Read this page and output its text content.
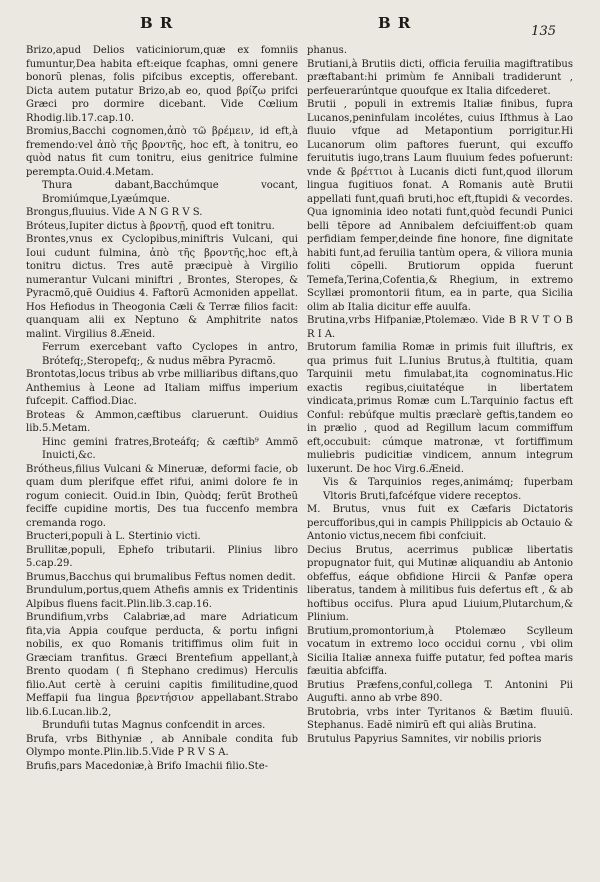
B R	B R	135

Brizo,apud Delios vaticiniorum,quæ ex fomniis fumuntur,Dea habita eft:eique fcaphas, omni genere bonorũ plenas, folis pifcibus exceptis, offerebant. Dicta autem putatur Brizo,ab eo, quod βρίζω prifci Græci pro dormire dicebant. Vide Cœlium Rhodig.lib.17.cap.10.

Bromius,Bacchi cognomen,ἀπὸ τῶ βρέμειν, id eft,à fremendo:vel ἀπὸ τῆς βροντῆς, hoc eft, à tonitru, eo quòd natus fit cum tonitru, eius genitrice fulmine perempta.Ouid.4.Metam.

Thura dabant,Bacchúmque vocant, Bromiúmque,Lyæúmque.

Brongus,fluuius. Vide A N G R V S.

Bróteus,Iupiter dictus à βροντῇ, quod eft tonitru.

Brontes,vnus ex Cyclopibus,miniftris Vulcani, qui Ioui cudunt fulmina, ἀπὸ τῆς βροντῆς,hoc eft,à tonitru dictus. Tres autẽ præcipuè à Virgilio numerantur Vulcani miniftri , Brontes, Steropes, & Pyracmõ,quẽ Ouidius 4. Faftorũ Acmoniden appellat. Hos Hefiodus in Theogonia Cæli & Terræ filios facit: quanquam alii ex Neptuno & Amphitrite natos malint. Virgilius 8.Æneid.

Ferrum exercebant vafto Cyclopes in antro, Brótefq;,Steropefq;, & nudus mẽbra Pyracmõ.

Brontotas,locus tribus ab vrbe milliaribus diftans,quo Anthemius à Leone ad Italiam miffus imperium fufcepit. Caffiod.Diac.

Broteas & Ammon,cæftibus claruerunt. Ouidius lib.5.Metam.

Hinc gemini fratres,Broteáfq; & cæftib⁹ Ammõ Inuicti,&c.

Brótheus,filius Vulcani & Mineruæ, deformi facie, ob quam dum plerifque effet rifui, animi dolore fe in rogum coniecit. Ouid.in Ibin, Quòdq; ferũt Brotheũ feciffe cupidine mortis, Des tua fuccenfo membra cremanda rogo.

Bructeri,populi à L. Stertinio victi.

Brullitæ,populi, Ephefo tributarii. Plinius libro 5.cap.29.

Brumus,Bacchus qui brumalibus Feftus nomen dedit.

Brundulum,portus,quem Athefis amnis ex Tridentinis Alpibus fluens facit.Plin.lib.3.cap.16.

Brundifium,vrbs Calabriæ,ad mare Adriaticum fita,via Appia coufque perducta, & portu infigni nobilis, ex quo Romanis tritiffimus olim fuit in Græciam tranfitus. Græci Brentefium appellant,à Brento quodam ( fi Stephano credimus) Herculis filio.Aut certè à ceruini capitis fimilitudine,quod Meffapii fua lingua βρεντήσιον appellabant.Strabo lib.6.Lucan.lib.2,

Brundufii tutas Magnus confcendit in arces.

Brufa, vrbs Bithyniæ , ab Annibale condita fub Olympo monte.Plin.lib.5.Vide P R V S A.

Brufis,pars Macedoniæ,à Brifo Imachii filio.Ste-

phanus.

Brutiani,à Brutiis dicti, officia feruilia magiftratibus præftabant:hi primùm fe Annibali tradiderunt , perfeuerarúntque quoufque ex Italia difcederet.

Brutii , populi in extremis Italiæ finibus, fupra Lucanos,peninfulam incolétes, cuius Ifthmus à Lao fluuio vfque ad Metapontium porrigitur.Hi Lucanorum olim paftores fuerunt, qui excuffo feruitutis iugo,trans Laum fluuium fedes pofuerunt: vnde & βρέττιοι à Lucanis dicti funt,quod illorum lingua fugitiuos fonat. A Romanis autè Brutii appellati funt,quafi bruti,hoc eft,ftupidi & vecordes. Qua ignominia ideo notati funt,quòd fecundi Punici belli tẽpore ad Annibalem defciuiffent:ob quam perfidiam femper,deinde fine honore, fine dignitate habiti funt,ad feruilia tantùm opera, & viliora munia foliti cõpelli. Brutiorum oppida fuerunt Temefa,Terina,Cofentia,& Rhegium, in extremo Scyllæi promontorii fitum, ea in parte, qua Sicilia olim ab Italia dicitur effe auulfa.

Brutina,vrbs Hifpaniæ,Ptolemæo. Vide B R V T O B R I A.

Brutorum familia Romæ in primis fuit illuftris, ex qua primus fuit L.Iunius Brutus,à ftultitia, quam Tarquinii metu fimulabat,ita cognominatus.Hic exactis regibus,ciuitatéque in libertatem vindicata,primus Romæ cum L.Tarquinio factus eft Conful: rebúfque multis præclarè geftis,tandem eo in prælio , quod ad Regillum lacum commiffum eft,occubuit: cúmque matronæ, vt fortiffimum muliebris pudicitiæ vindicem, annum integrum luxerunt. De hoc Virg.6.Æneid.

Vis & Tarquinios reges,animámq; fuperbam Vltoris Bruti,fafcéfque videre receptos.

M. Brutus, vnus fuit ex Cæfaris Dictatoris percufforibus,qui in campis Philippicis ab Octauio & Antonio victus,necem fibi confciuit.

Decius Brutus, acerrimus publicæ libertatis propugnator fuit, qui Mutinæ aliquandiu ab Antonio obfeffus, eáque obfidione Hircii & Panfæ opera liberatus, tandem à militibus fuis defertus eft , & ab hoftibus occifus. Plura apud Liuium,Plutarchum,& Plinium.

Brutium,promontorium,à Ptolemæo Scylleum vocatum in extremo loco occidui cornu , vbi olim Sicilia Italiæ annexa fuiffe putatur, fed poftea maris fæuitia abfciffa.

Brutius Præfens,conful,collega T. Antonini Pii Augufti. anno ab vrbe 890.

Brutobria, vrbs inter Tyritanos & Bætim fluuiũ. Stephanus. Eadẽ nimirũ eft qui aliàs Brutina.

Brutulus Papyrius Samnites, vir nobilis prioris
